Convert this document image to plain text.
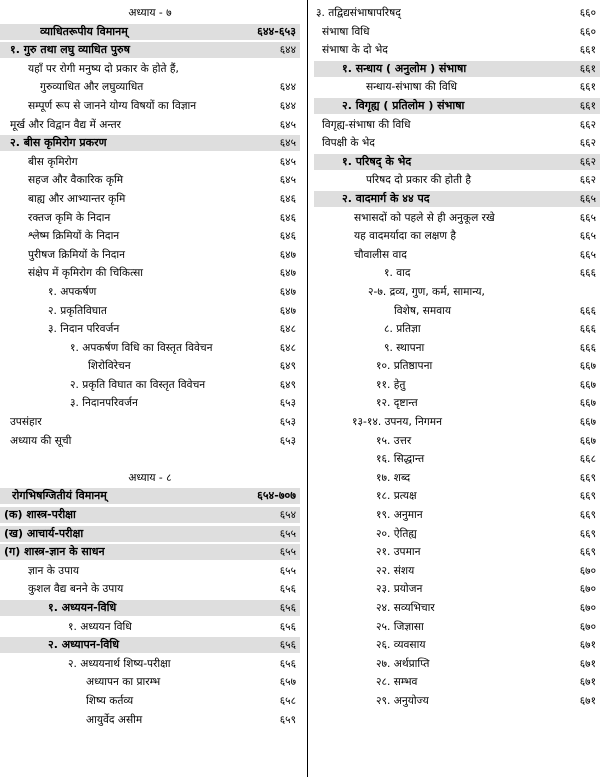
अध्याय - ७
व्याधितरूपीय विमानम्	६४४-६५३
१. गुरु तथा लघु व्याधित पुरुष	६४४
यहाँ पर रोगी मनुष्य दो प्रकार के होते हैं,
गुरुव्याधित और लघुव्याधित	६४४
सम्पूर्ण रूप से जानने योग्य विषयों का विज्ञान	६४४
मूर्ख और विद्वान वैद्य में अन्तर	६४५
२. बीस कृमिरोग प्रकरण	६४५
बीस कृमिरोग	६४५
सहज और वैकारिक कृमि	६४५
बाह्य और आभ्यान्तर कृमि	६४६
रक्तज कृमि के निदान	६४६
श्लेष्म क्रिमियों के निदान	६४६
पुरीषज क्रिमियों के निदान	६४७
संक्षेप में कृमिरोग की चिकित्सा	६४७
१. अपकर्षण	६४७
२. प्रकृतिविघात	६४७
३. निदान परिवर्जन	६४८
१. अपकर्षण विधि का विस्तृत विवेचन	६४८
शिरोविरेचन	६४९
२. प्रकृति विघात का विस्तृत विवेचन	६४९
३. निदानपरिवर्जन	६५३
उपसंहार	६५३
अध्याय की सूची	६५३
अध्याय - ८
रोगभिषग्जितीयं विमानम्	६५४-७०७
(क) शास्त्र-परीक्षा	६५४
(ख) आचार्य-परीक्षा	६५५
(ग) शास्त्र-ज्ञान के साधन	६५५
ज्ञान के उपाय	६५५
कुशल वैद्य बनने के उपाय	६५६
१. अध्ययन-विधि	६५६
१. अध्ययन विधि	६५६
२. अध्यापन-विधि	६५६
२. अध्ययनार्थ शिष्य-परीक्षा	६५६
अध्यापन का प्रारम्भ	६५७
शिष्य कर्तव्य	६५८
आयुर्वेद असीम	६५९
३. तद्विद्यसंभाषापरिषद्	६६०
संभाषा विधि	६६०
संभाषा के दो भेद	६६१
१. सन्धाय ( अनुलोम ) संभाषा	६६१
सन्धाय-संभाषा की विधि	६६१
२. विगृह्य ( प्रतिलोम ) संभाषा	६६१
विगृह्य-संभाषा की विधि	६६२
विपक्षी के भेद	६६२
१. परिषद् के भेद	६६२
परिषद दो प्रकार की होती है	६६२
२. वादमार्ग के ४४ पद	६६५
सभासदों को पहले से ही अनुकूल रखे	६६५
यह वादमर्यादा का लक्षण है	६६५
चौवालीस वाद	६६५
१. वाद	६६६
२-७. द्रव्य, गुण, कर्म, सामान्य,
विशेष, समवाय	६६६
८. प्रतिज्ञा	६६६
९. स्थापना	६६६
१०. प्रतिष्ठापना	६६७
११. हेतु	६६७
१२. दृष्टान्त	६६७
१३-१४. उपनय, निगमन	६६७
१५. उत्तर	६६७
१६. सिद्धान्त	६६८
१७. शब्द	६६९
१८. प्रत्यक्ष	६६९
१९. अनुमान	६६९
२०. ऐतिह्य	६६९
२१. उपमान	६६९
२२. संशय	६७०
२३. प्रयोजन	६७०
२४. सव्यभिचार	६७०
२५. जिज्ञासा	६७०
२६. व्यवसाय	६७१
२७. अर्थप्राप्ति	६७१
२८. सम्भव	६७१
२९. अनुयोज्य	६७१
